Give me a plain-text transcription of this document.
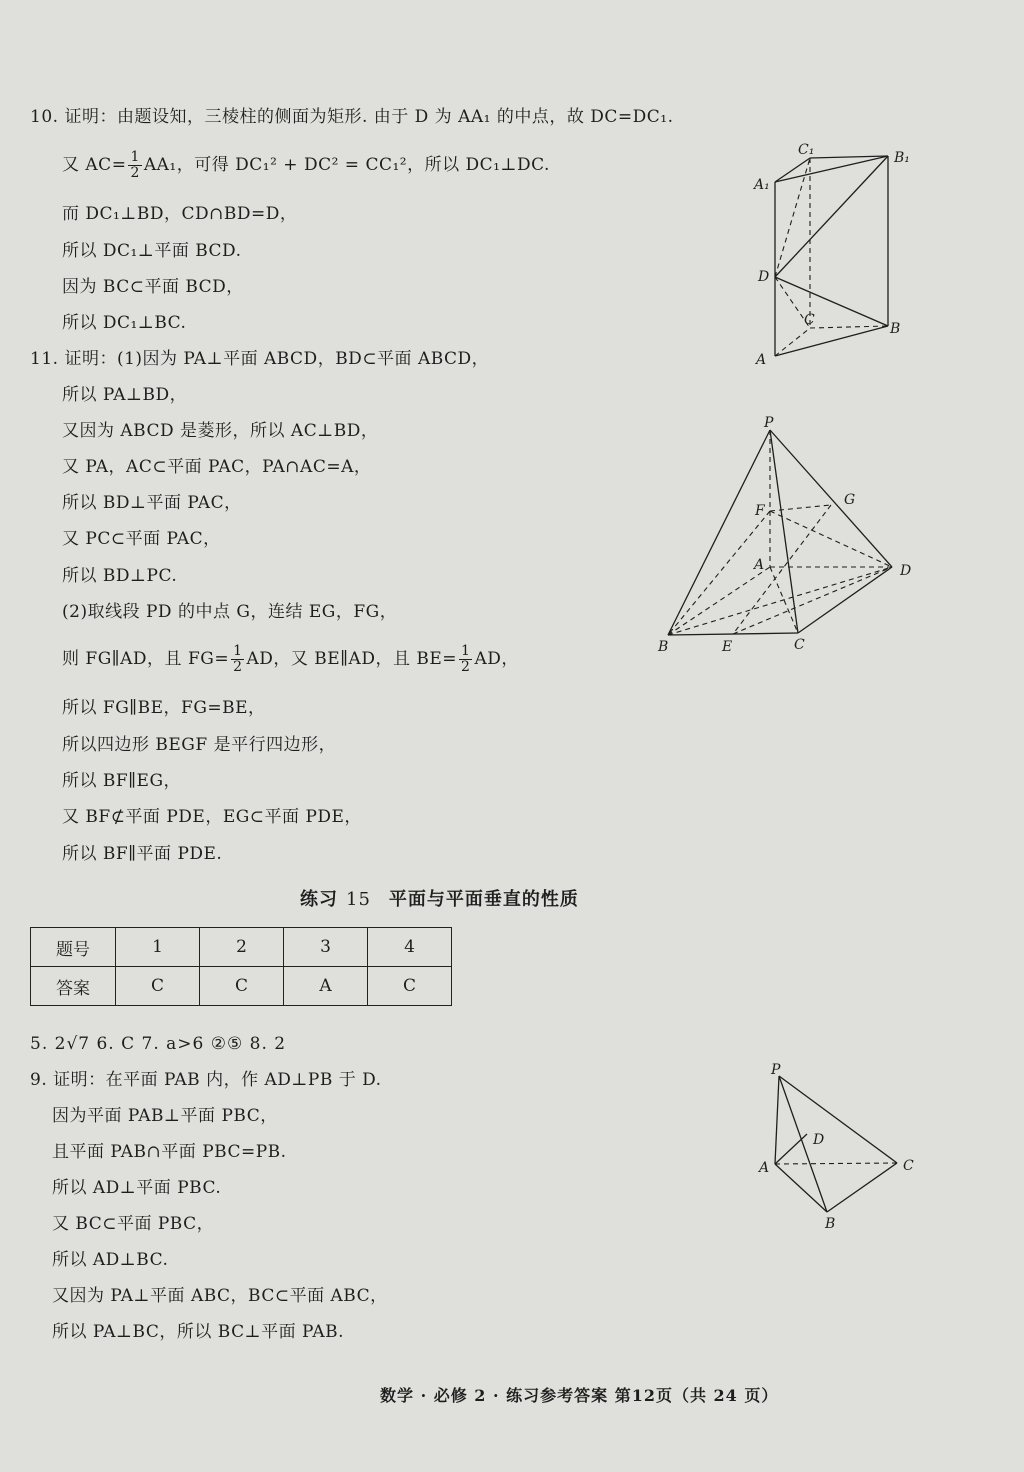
10. 证明：由题设知，三棱柱的侧面为矩形. 由于 D 为 AA₁ 的中点，故 DC=DC₁.
又 $AC= \frac{1}{2} AA_1$，可得 DC₁² + DC² = CC₁²，所以 DC₁⊥DC.
而 DC₁⊥BD，CD∩BD=D，
所以 DC₁⊥平面 BCD.
因为 BC⊂平面 BCD，
所以 DC₁⊥BC.
11. 证明：(1)因为 PA⊥平面 ABCD，BD⊂平面 ABCD，
所以 PA⊥BD，
又因为 ABCD 是菱形，所以 AC⊥BD，
又 PA，AC⊂平面 PAC，PA∩AC=A，
所以 BD⊥平面 PAC，
又 PC⊂平面 PAC，
所以 BD⊥PC.
(2)取线段 PD 的中点 G，连结 EG，FG，
则 FG∥AD，且 $FG= \frac{1}{2}$ AD，又 BE∥AD，且 $BE= \frac{1}{2}$ AD，
所以 FG∥BE，FG=BE，
所以四边形 BEGF 是平行四边形，
所以 BF∥EG，
又 BF⊄平面 PDE，EG⊂平面 PDE，
所以 BF∥平面 PDE.
练习 15 平面与平面垂直的性质
题号	1	2	3	4
答案	C	C	A	C
5. 2√7 6. C 7. a>6 ②⑤ 8. 2
9. 证明：在平面 PAB 内，作 AD⊥PB 于 D.
因为平面 PAB⊥平面 PBC，
且平面 PAB∩平面 PBC=PB.
所以 AD⊥平面 PBC.
又 BC⊂平面 PBC，
所以 AD⊥BC.
又因为 PA⊥平面 ABC，BC⊂平面 ABC，
所以 PA⊥BC，所以 BC⊥平面 PAB.
C₁	B₁
A₁
D
C
B
A
P
G
F
A	D
B	E	C
P
D
A	C
B
数学 · 必修 2 · 练习参考答案 第12页（共 24 页）
